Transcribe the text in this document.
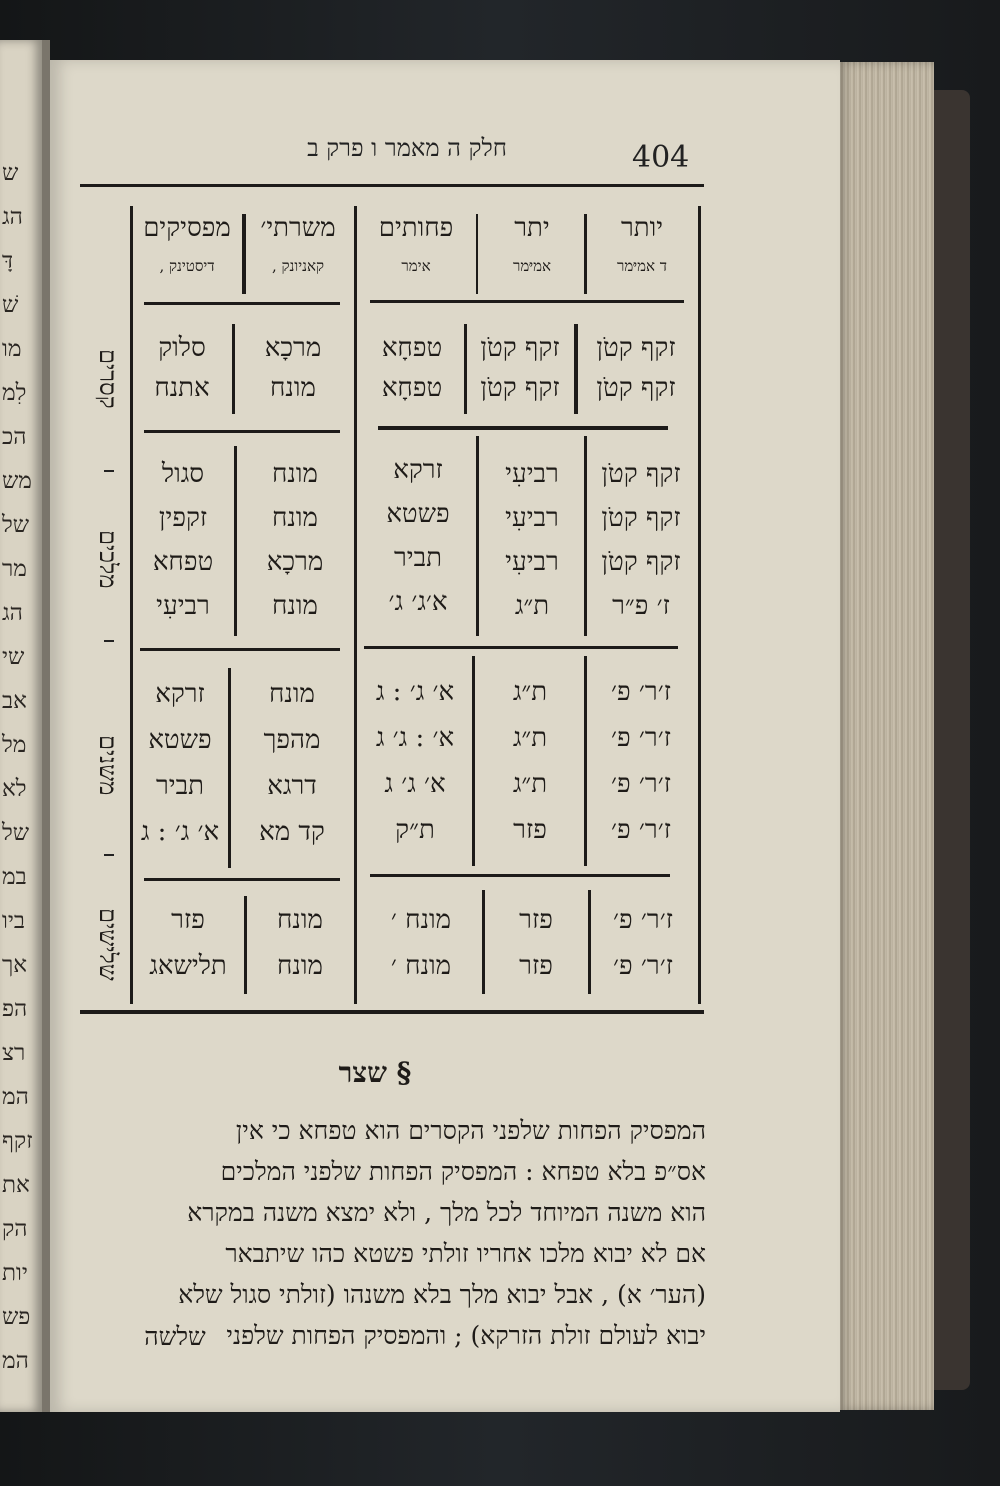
ש
הג
דָּ
שׁ
מו
לִמ
הכ
מש
של
מר
הג
שי
אב
מל
לא
של
במ
ביו
אך
הפ
רצ
המ
זקף
את
הק
יות
פש
המ
404
חלק ה מאמר ו פרק ב
יותר
ד אמיּמר
יתר
אמיּמר
פחותים
אימר
משרתי׳
קאניונק ,
מפסיקים
דיסטינק ,
קסרים
זקף קטֹן
זקף קטֹן
זקף קטֹן
זקף קטֹן
טפחָא
טפחָא
מרכָא
מונח
סלוק
אתנח
מלכים
זקף קטֹן
זקף קטֹן
זקף קטֹן
ז׳ פ״ר
רביעִי
רביעִי
רביעִי
ת״ג
זרקא
פשטא
תביר
א׳ג׳ ג׳
מונח
מונח
מרכָא
מונח
סגול
זקפין
טפחא
רביעִי
משנים
ז׳ר׳ פ׳
ז׳ר׳ פ׳
ז׳ר׳ פ׳
ז׳ר׳ פ׳
ת״ג
ת״ג
ת״ג
פזר
א׳ ג׳ : ג
א׳ : ג׳ ג
א׳ ג׳ ג
ת״ק
מונח
מהפך
דרגא
קד מא
זרקא
פשטא
תביר
א׳ ג׳ : ג
שלישים	ז׳ר׳ פ׳
ז׳ר׳ פ׳
פזר
פזר
מונח ׳
מונח ׳
מונח
מונח
פזר
תלישאג
§ שצר
המפסיק הפחות שלפני הקסרים הוא טפחא כי אין
אס״פ בלא טפחא : המפסיק הפחות שלפני המלכים
הוא משנה המיוחד לכל מלך , ולא ימצא משנה במקרא
אם לא יבוא מלכו אחריו זולתי פשטא כהו שיתבאר
(הער׳ א) , אבל יבוא מלך בלא משנהו (זולתי סגול שלא
יבוא לעולם זולת הזרקא) ; והמפסיק הפחות שלפני
שלשה
